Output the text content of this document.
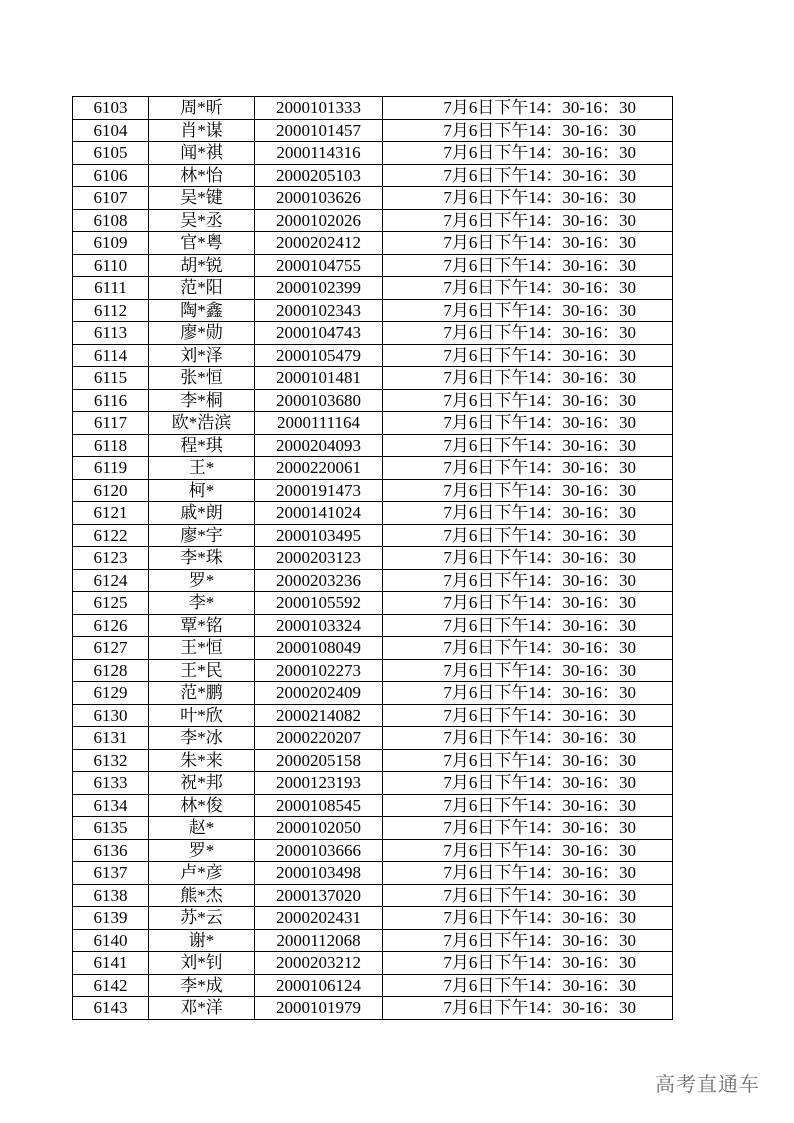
6103	周*昕	2000101333	7月6日下午14：30-16：30
6104	肖*谋	2000101457	7月6日下午14：30-16：30
6105	闻*祺	2000114316	7月6日下午14：30-16：30
6106	林*怡	2000205103	7月6日下午14：30-16：30
6107	吴*键	2000103626	7月6日下午14：30-16：30
6108	吴*丞	2000102026	7月6日下午14：30-16：30
6109	官*粤	2000202412	7月6日下午14：30-16：30
6110	胡*锐	2000104755	7月6日下午14：30-16：30
6111	范*阳	2000102399	7月6日下午14：30-16：30
6112	陶*鑫	2000102343	7月6日下午14：30-16：30
6113	廖*勋	2000104743	7月6日下午14：30-16：30
6114	刘*泽	2000105479	7月6日下午14：30-16：30
6115	张*恒	2000101481	7月6日下午14：30-16：30
6116	李*桐	2000103680	7月6日下午14：30-16：30
6117	欧*浩滨	2000111164	7月6日下午14：30-16：30
6118	程*琪	2000204093	7月6日下午14：30-16：30
6119	王*	2000220061	7月6日下午14：30-16：30
6120	柯*	2000191473	7月6日下午14：30-16：30
6121	戚*朗	2000141024	7月6日下午14：30-16：30
6122	廖*宇	2000103495	7月6日下午14：30-16：30
6123	李*珠	2000203123	7月6日下午14：30-16：30
6124	罗*	2000203236	7月6日下午14：30-16：30
6125	李*	2000105592	7月6日下午14：30-16：30
6126	覃*铭	2000103324	7月6日下午14：30-16：30
6127	王*恒	2000108049	7月6日下午14：30-16：30
6128	王*民	2000102273	7月6日下午14：30-16：30
6129	范*鹏	2000202409	7月6日下午14：30-16：30
6130	叶*欣	2000214082	7月6日下午14：30-16：30
6131	李*冰	2000220207	7月6日下午14：30-16：30
6132	朱*来	2000205158	7月6日下午14：30-16：30
6133	祝*邦	2000123193	7月6日下午14：30-16：30
6134	林*俊	2000108545	7月6日下午14：30-16：30
6135	赵*	2000102050	7月6日下午14：30-16：30
6136	罗*	2000103666	7月6日下午14：30-16：30
6137	卢*彦	2000103498	7月6日下午14：30-16：30
6138	熊*杰	2000137020	7月6日下午14：30-16：30
6139	苏*云	2000202431	7月6日下午14：30-16：30
6140	谢*	2000112068	7月6日下午14：30-16：30
6141	刘*钊	2000203212	7月6日下午14：30-16：30
6142	李*成	2000106124	7月6日下午14：30-16：30
6143	邓*洋	2000101979	7月6日下午14：30-16：30
高考直通车
